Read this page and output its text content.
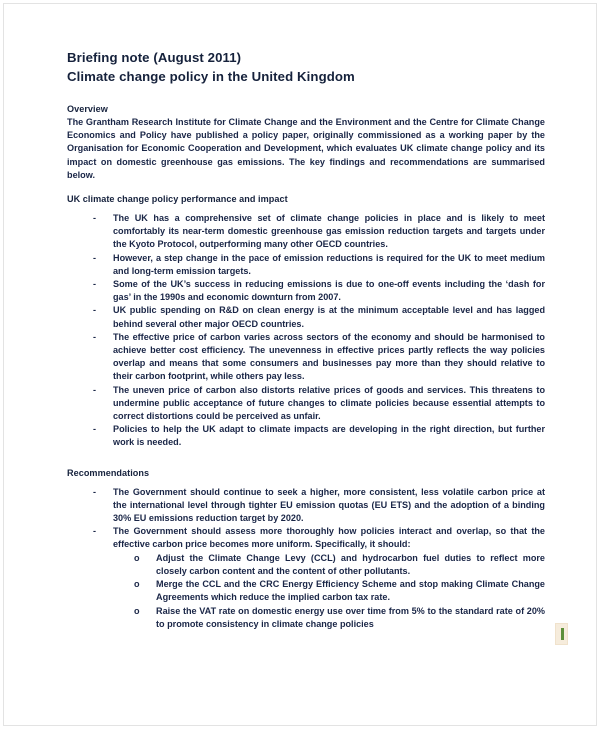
Briefing note (August 2011)
Climate change policy in the United Kingdom
Overview
The Grantham Research Institute for Climate Change and the Environment and the Centre for Climate Change Economics and Policy have published a policy paper, originally commissioned as a working paper by the Organisation for Economic Cooperation and Development, which evaluates UK climate change policy and its impact on domestic greenhouse gas emissions. The key findings and recommendations are summarised below.
UK climate change policy performance and impact
-	The UK has a comprehensive set of climate change policies in place and is likely to meet comfortably its near-term domestic greenhouse gas emission reduction targets and targets under the Kyoto Protocol, outperforming many other OECD countries.
-	However, a step change in the pace of emission reductions is required for the UK to meet medium and long-term emission targets.
-	Some of the UK’s success in reducing emissions is due to one-off events including the ‘dash for gas’ in the 1990s and economic downturn from 2007.
-	UK public spending on R&D on clean energy is at the minimum acceptable level and has lagged behind several other major OECD countries.
-	The effective price of carbon varies across sectors of the economy and should be harmonised to achieve better cost efficiency. The unevenness in effective prices partly reflects the way policies overlap and means that some consumers and businesses pay more than they should relative to their carbon footprint, while others pay less.
-	The uneven price of carbon also distorts relative prices of goods and services. This threatens to undermine public acceptance of future changes to climate policies because essential attempts to correct distortions could be perceived as unfair.
-	Policies to help the UK adapt to climate impacts are developing in the right direction, but further work is needed.
Recommendations
-	The Government should continue to seek a higher, more consistent, less volatile carbon price at the international level through tighter EU emission quotas (EU ETS) and the adoption of a binding 30% EU emissions reduction target by 2020.
-	The Government should assess more thoroughly how policies interact and overlap, so that the effective carbon price becomes more uniform. Specifically, it should:
o	Adjust the Climate Change Levy (CCL) and hydrocarbon fuel duties to reflect more closely carbon content and the content of other pollutants.
o	Merge the CCL and the CRC Energy Efficiency Scheme and stop making Climate Change Agreements which reduce the implied carbon tax rate.
o	Raise the VAT rate on domestic energy use over time from 5% to the standard rate of 20% to promote consistency in climate change policies
